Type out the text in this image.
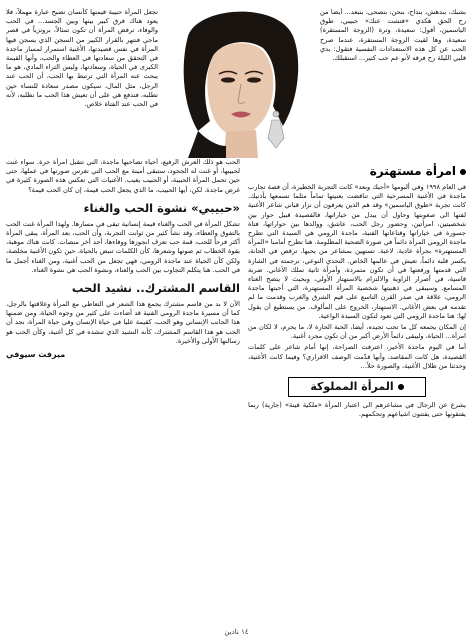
بشبك، بندهش، بنداح، بنحن، بنصحى، بنبعد... أيضا من رح الحق هكذي «فتشت عنك» حبيبي، طوق الياسمين، أقول: سعيدة، وترة (الزوجة المستقرة) سعيدة، وها لقيت الزوجة المستقرة، عندما صرح الحب عن كل هذه الاستعدادات النفسية فتقول: بدي قلبي الليلة رح فرقه لأنو عم حب كتير... استقبلك.

تجعل المرأة حبيبة قيمتها كأنسان تصبح عبارة مهملاً، فلا يعود هناك فرق كبير بينها وبين الجسد... في الحب والوفاء، ترفض المرأة أن تكون تمثالاً، برونزياً في قصر ماجي فنتهر بالقرار الكبير من السجن الذي يسجن فيها المرأة في نفس قصيدتها، الأغنية استمرار لمسار ماجدة في التحقق من سعادتها في العطاء والحب، وأنها القيمة الكبرى في الحياة، وسعادتها، وليس الثراء المادي، هو ما يبحث عنه المرأة التي ترتبط بها الحب، أن الحب عند الرجل، مثل المال، سيكون مصدر سعادة للنساء حين تطلبه، فتدفع هي على أن تعيش هذا الحب ما تطلبه، لأنه في الحب عند الفتاة خلاص.

امرأة مستهترة

في العام ١٩٩٨ وفي ألبومها «أحبك وبعد» كانت التجربة الخطيرة، أن قصة تجارب ماجدة في الأغنية المسرحية التي تناقضت بعنيتها تماماً مثلما تسمعها بأذنيك. كانت تجربة «طوق الياسمين» وقد هم الذين يعرفون أن نزار قباني شاعر الأغنية لفتها الى صعوبتها وحاول أن يبدل من خياراتها، فالقصيدة قبيل حوار بين شخصيتين، امرأتين، وحضور رجل الحب، عاشق، ووالدها بين حواراتها، فتاة جسورة في خياراتها وقناعاتها الفنية، ماجدة الرومي هي السيدة التي تطرح ماجدة الرومي المرأة دائماً في صورة الضحية المظلومة. هنا تطرح أمامنا «المرأة المستهترة» بجرأة عادية. لاعبة. تستهين بمشاعر من يحبها. ترقص في الحانة، يكسر قلبه دائماً، تعيش في عالمها الخاص. التحدي النوعي، ترجمته في الشارة التي قدمتها ورفعتها في أن تكون متمردة، وأمرأة ثانية تملك الأغاني. ضربة قاسية، في أصرار الزاوية والالتزام بالاستهتار الأولي، وبحيث لا يتضح الغناء المسامع. وسيبقى في ذهنيتها شخصية المرأة المستهترة، التي أحبتها ماجدة الرومي، علاقة في صدر القرن التاسع على قيم الشرق والغرب وقدمت ما لم تقدمه في بعض الأغاني. الاستهتار، الخروج على المألوف. من يستطيع أن يقول لها: هنا ماجدة الرومي التي تعود لتكون السيدة الواعية.

إن المكان يجمعه كل ما تحب تجيده، أيضا، الحبة الحارة لا، ما يحرم، لا لكان من امرأة... الحياة، وليبقى دائماً الأرض أكبر من أن تكون مجرد أغنية.

أما في اليوم ماجدة الأخير، اعترفت الصراحة، إنها أمام شاعر على كلمات القصيدة، هل كانت المقاصد، وأنها قدّمت الوصف الاقراري؟ وفيما كانت الأغنية، وحدثنا من ظلال الأغنية، والصورة حلاً...

المرأة المملوكة

يشرع عن الرجال في مشاعرهم الى اعتبار المرأة «ملكية فينة» (جارية) ربما يفتقونها حتى يفتنون اشياعهم وتحكمهم.

الحب هو ذلك العرش الرفيع، أحياء تصاحبها ماجدة، التي تتقبل امرأة حرة. سواء غنت لحبيبها، أو غنت له الجحود، ستبقى أمينة مع الحب التي تغرس صورتها في عملها، حتى حين تحمل المرأة الحبيبة، أو الحبيب يغيب. الأغنيات التي تعكس هذه الصورة كثيرة في غرض ماجدة. لكن، أيها الحبيب، ما الذي يجعل الحب قيمة، إن كان الحب قيمة؟

«حبيبي» نشوة الحب والغناء

تشكل المرأة في الحب والغناء قيمة إنسانية تبقى في مسارها. ولهذا المرأة غنت الحب بالتفوق والعطاء، وقد نشأ كثير من ثوابت التجربة، وأن الحب، بعد المرأة، يبقى المرأة أكثر فرحاً للحب، قمة حب تعرف انجوزها ووفاءها، أحد أخر منصات. كانت هناك موهبة، بقوة الخطاب ثم صوتها وشعرها، كأن الكلمات تنبض بالحياة، حين تكون الأغنية مخلصة، ولكن كأن الحياة عند ماجدة الرومي، فهي تجعل من الحب أغنية، ومن الغناء أجمل ما في الحب. هنا يتكلم التجاوب بين الحب والغناء، ونشوة الحب هي نشوة الغناء.

القاسم المشترك.. نشيد الحب

الآن لا بد من قاسم مشترك يجمع هذا الشعر في التعاطي مع المرأة وعلاقتها بالرجل، كما أن مسيرة ماجدة الرومي الفنية قد أضاءت على كثير من وجوه الحياة، ومن ضمنها هذا الجانب الإنساني وهو الحب، كقيمة عليا في حياة الإنسان وفي حياة المرأة، نجد أن الحب هو هذا القاسم المشترك، كأنه النشيد الذي تنشده في كل أغنية، وكأن الحب هو رسالتها الأولى والأخيرة.

ميرفت سيوفي
١٤ نادين
